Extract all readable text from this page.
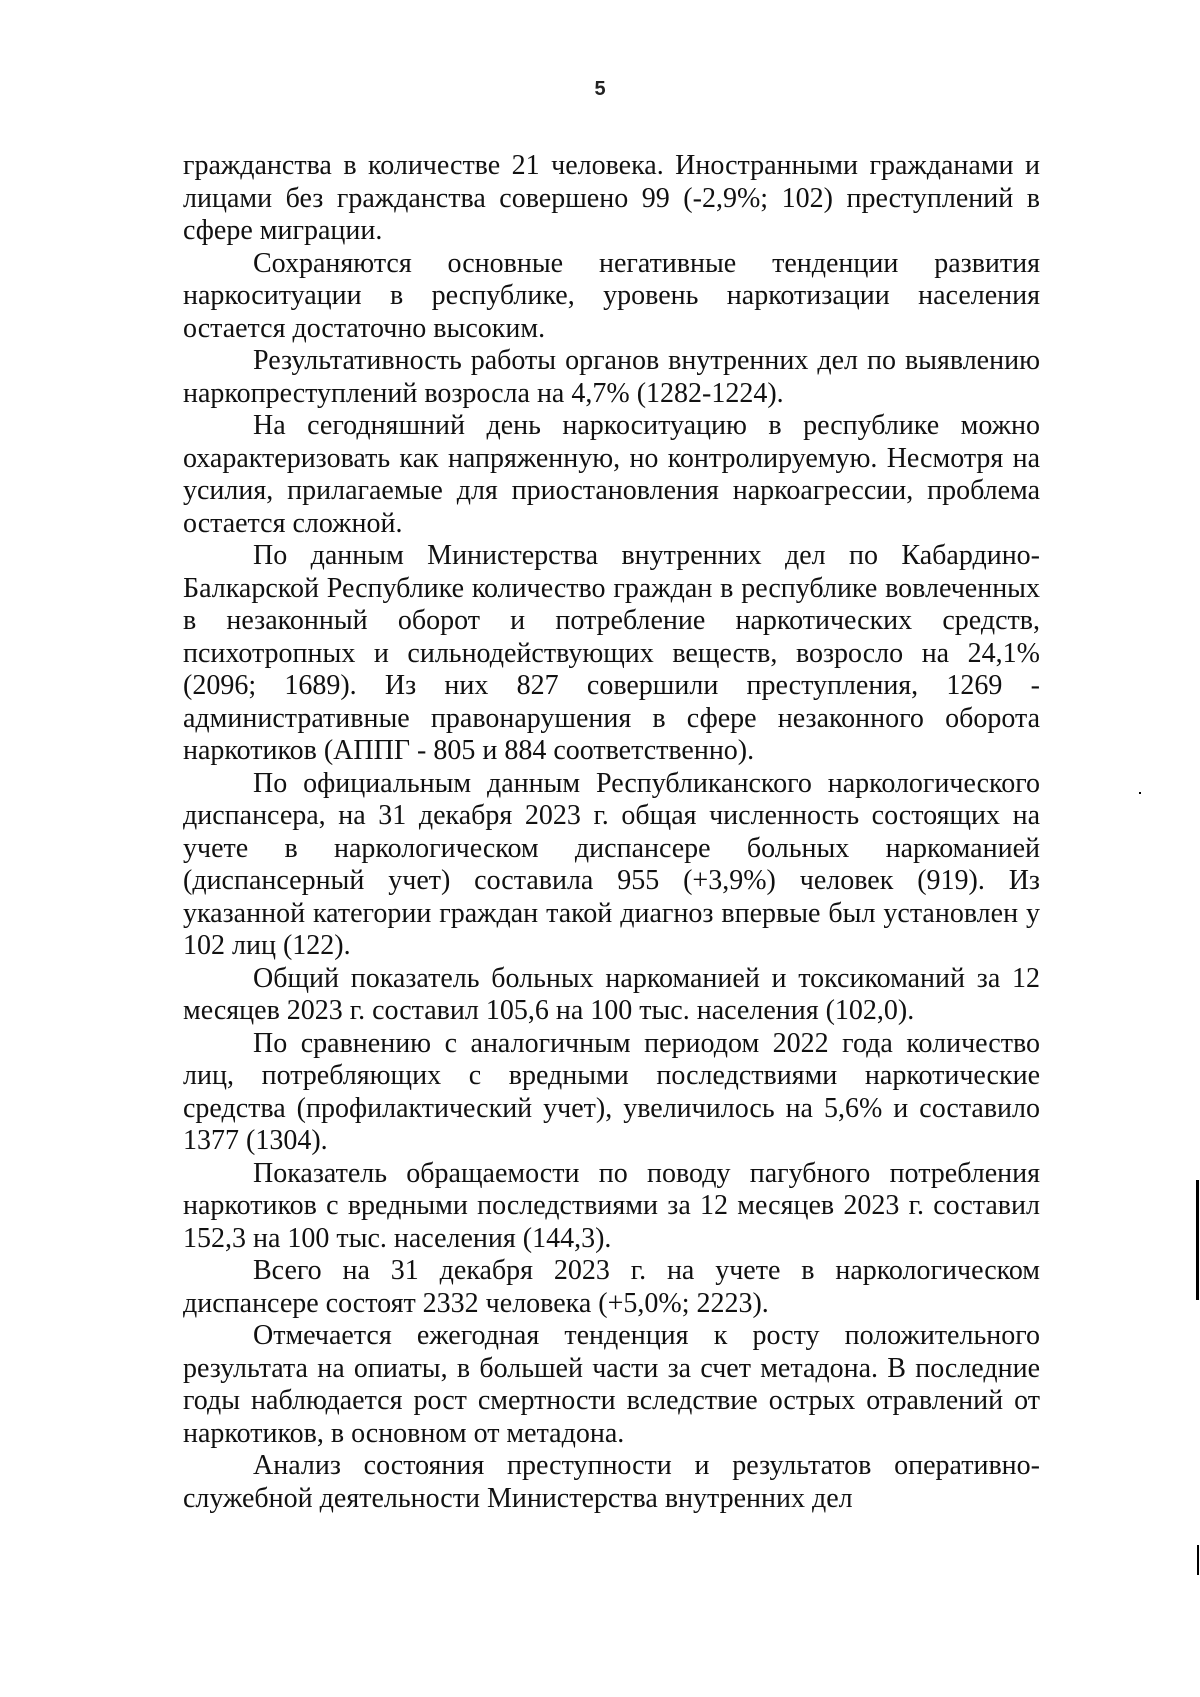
5

гражданства в количестве 21 человека. Иностранными гражданами и лицами без гражданства совершено 99 (-2,9%; 102) преступлений в сфере миграции.

Сохраняются основные негативные тенденции развития наркоситуации в республике, уровень наркотизации населения остается достаточно высоким.

Результативность работы органов внутренних дел по выявлению наркопреступлений возросла на 4,7% (1282-1224).

На сегодняшний день наркоситуацию в республике можно охарактеризовать как напряженную, но контролируемую. Несмотря на усилия, прилагаемые для приостановления наркоагрессии, проблема остается сложной.

По данным Министерства внутренних дел по Кабардино-Балкарской Республике количество граждан в республике вовлеченных в незаконный оборот и потребление наркотических средств, психотропных и сильнодействующих веществ, возросло на 24,1% (2096; 1689). Из них 827 совершили преступления, 1269 - административные правонарушения в сфере незаконного оборота наркотиков (АППГ - 805 и 884 соответственно).

По официальным данным Республиканского наркологического диспансера, на 31 декабря 2023 г. общая численность состоящих на учете в наркологическом диспансере больных наркоманией (диспансерный учет) составила 955 (+3,9%) человек (919). Из указанной категории граждан такой диагноз впервые был установлен у 102 лиц (122).

Общий показатель больных наркоманией и токсикоманий за 12 месяцев 2023 г. составил 105,6 на 100 тыс. населения (102,0).

По сравнению с аналогичным периодом 2022 года количество лиц, потребляющих с вредными последствиями наркотические средства (профилактический учет), увеличилось на 5,6% и составило 1377 (1304).

Показатель обращаемости по поводу пагубного потребления наркотиков с вредными последствиями за 12 месяцев 2023 г. составил 152,3 на 100 тыс. населения (144,3).

Всего на 31 декабря 2023 г. на учете в наркологическом диспансере состоят 2332 человека (+5,0%; 2223).

Отмечается ежегодная тенденция к росту положительного результата на опиаты, в большей части за счет метадона. В последние годы наблюдается рост смертности вследствие острых отравлений от наркотиков, в основном от метадона.

Анализ состояния преступности и результатов оперативно-служебной деятельности Министерства внутренних дел
